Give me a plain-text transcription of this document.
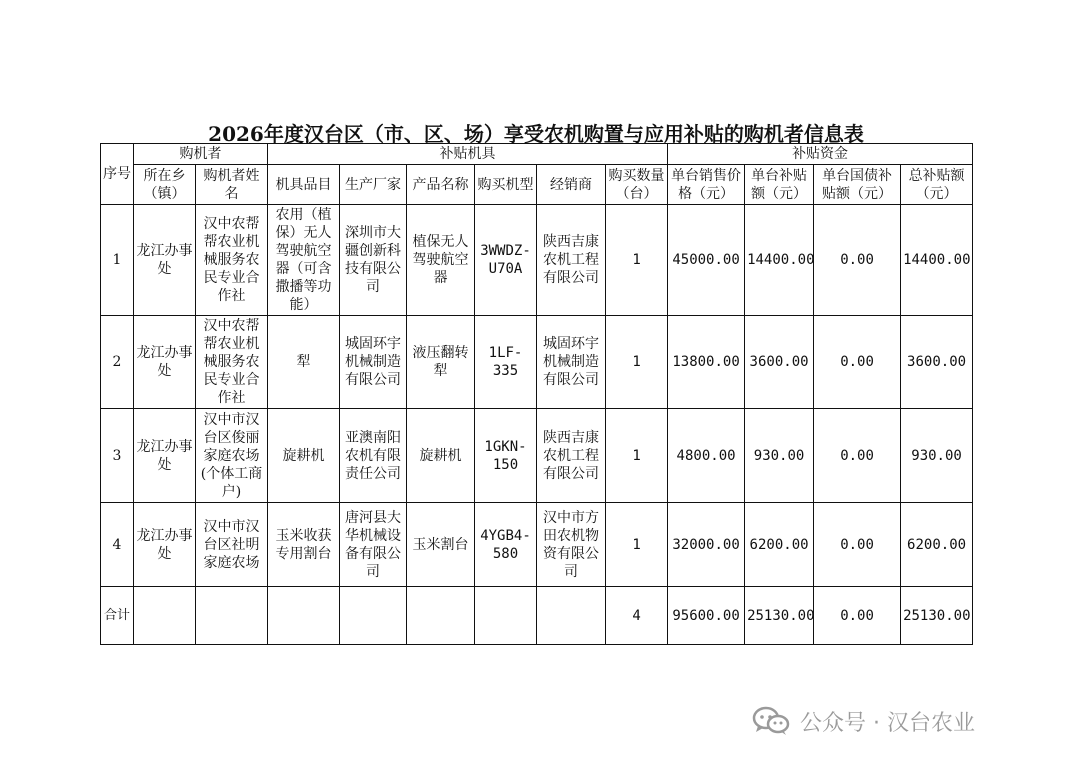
2026年度汉台区（市、区、场）享受农机购置与应用补贴的购机者信息表
序号	购机者		补贴机具						补贴资金			
	所在乡（镇）	购机者姓名	机具品目	生产厂家	产品名称	购买机型	经销商	购买数量（台）	单台销售价格（元）	单台补贴额（元）	单台国债补贴额（元）	总补贴额（元）
1	龙江办事处	汉中农帮帮农业机械服务农民专业合作社	农用（植保）无人驾驶航空器（可含撒播等功能）	深圳市大疆创新科技有限公司	植保无人驾驶航空器	3WWDZ-U70A	陕西吉康农机工程有限公司	1	45000.00	14400.00	0.00	14400.00
2	龙江办事处	汉中农帮帮农业机械服务农民专业合作社	犁	城固环宇机械制造有限公司	液压翻转犁	1LF-335	城固环宇机械制造有限公司	1	13800.00	3600.00	0.00	3600.00
3	龙江办事处	汉中市汉台区俊丽家庭农场(个体工商户)	旋耕机	亚澳南阳农机有限责任公司	旋耕机	1GKN-150	陕西吉康农机工程有限公司	1	4800.00	930.00	0.00	930.00
4	龙江办事处	汉中市汉台区社明家庭农场	玉米收获专用割台	唐河县大华机械设备有限公司	玉米割台	4YGB4-580	汉中市方田农机物资有限公司	1	32000.00	6200.00	0.00	6200.00
合计								4	95600.00	25130.00	0.00	25130.00
公众号 · 汉台农业
